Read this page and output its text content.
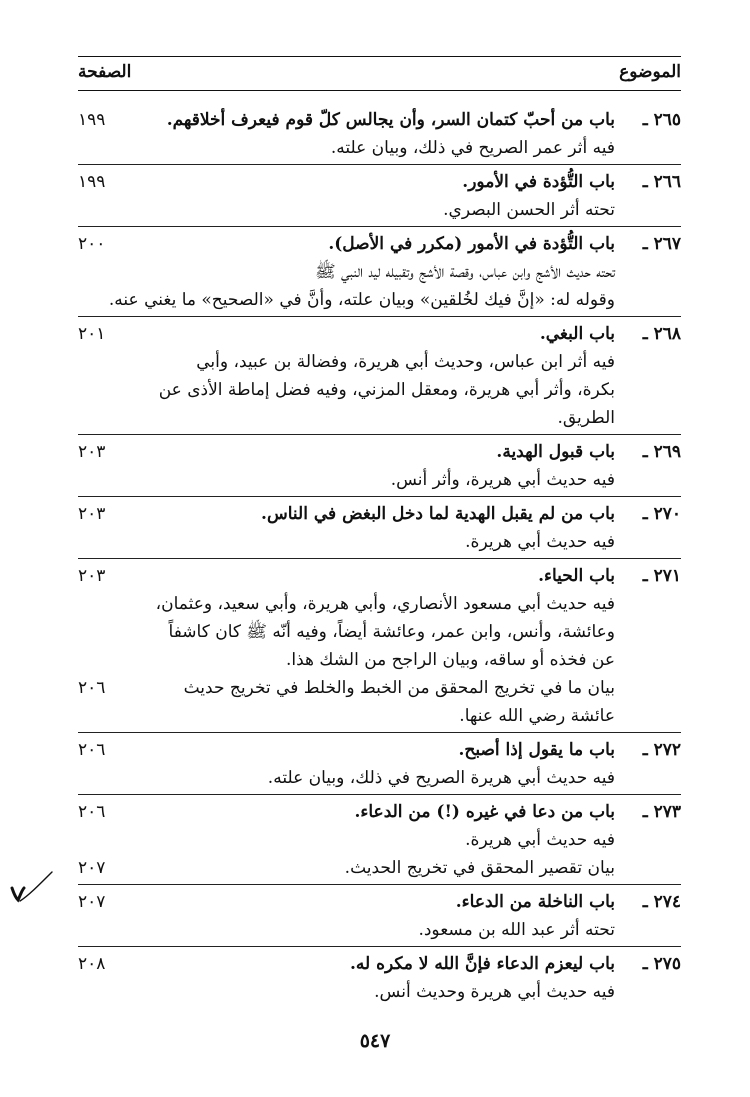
الموضوع
الصفحة
٢٦٥ ـ
باب من أحبّ كتمان السر، وأن يجالس كلّ قوم فيعرف أخلاقهم.
١٩٩
فيه أثر عمر الصريح في ذلك، وبيان علته.
٢٦٦ ـ
باب التُّؤدة في الأمور.
١٩٩
تحته أثر الحسن البصري.
٢٦٧ ـ
باب التُّؤدة في الأمور (مكرر في الأصل).
٢٠٠
تحته حديث الأشج وابن عباس، وقصة الأشج وتقبيله ليد النبي ﷺ
وقوله له: «إنَّ فيك لخُلقين» وبيان علته، وأنَّ في «الصحيح» ما يغني عنه.
٢٦٨ ـ
باب البغي.
٢٠١
فيه أثر ابن عباس، وحديث أبي هريرة، وفضالة بن عبيد، وأبي
بكرة، وأثر أبي هريرة، ومعقل المزني، وفيه فضل إماطة الأذى عن
الطريق.
٢٦٩ ـ
باب قبول الهدية.
٢٠٣
فيه حديث أبي هريرة، وأثر أنس.
٢٧٠ ـ
باب من لم يقبل الهدية لما دخل البغض في الناس.
٢٠٣
فيه حديث أبي هريرة.
٢٧١ ـ
باب الحياء.
٢٠٣
فيه حديث أبي مسعود الأنصاري، وأبي هريرة، وأبي سعيد، وعثمان،
وعائشة، وأنس، وابن عمر، وعائشة أيضاً، وفيه أنّه ﷺ كان كاشفاً
عن فخذه أو ساقه، وبيان الراجح من الشك هذا.
بيان ما في تخريج المحقق من الخبط والخلط في تخريج حديث
٢٠٦
عائشة رضي الله عنها.
٢٧٢ ـ
باب ما يقول إذا أصبح.
٢٠٦
فيه حديث أبي هريرة الصريح في ذلك، وبيان علته.
٢٧٣ ـ
باب من دعا في غيره (!) من الدعاء.
٢٠٦
فيه حديث أبي هريرة.
بيان تقصير المحقق في تخريج الحديث.
٢٠٧
٢٧٤ ـ
باب الناخلة من الدعاء.
٢٠٧
تحته أثر عبد الله بن مسعود.
٢٧٥ ـ
باب ليعزم الدعاء فإنَّ الله لا مكره له.
٢٠٨
فيه حديث أبي هريرة وحديث أنس.
٥٤٧
